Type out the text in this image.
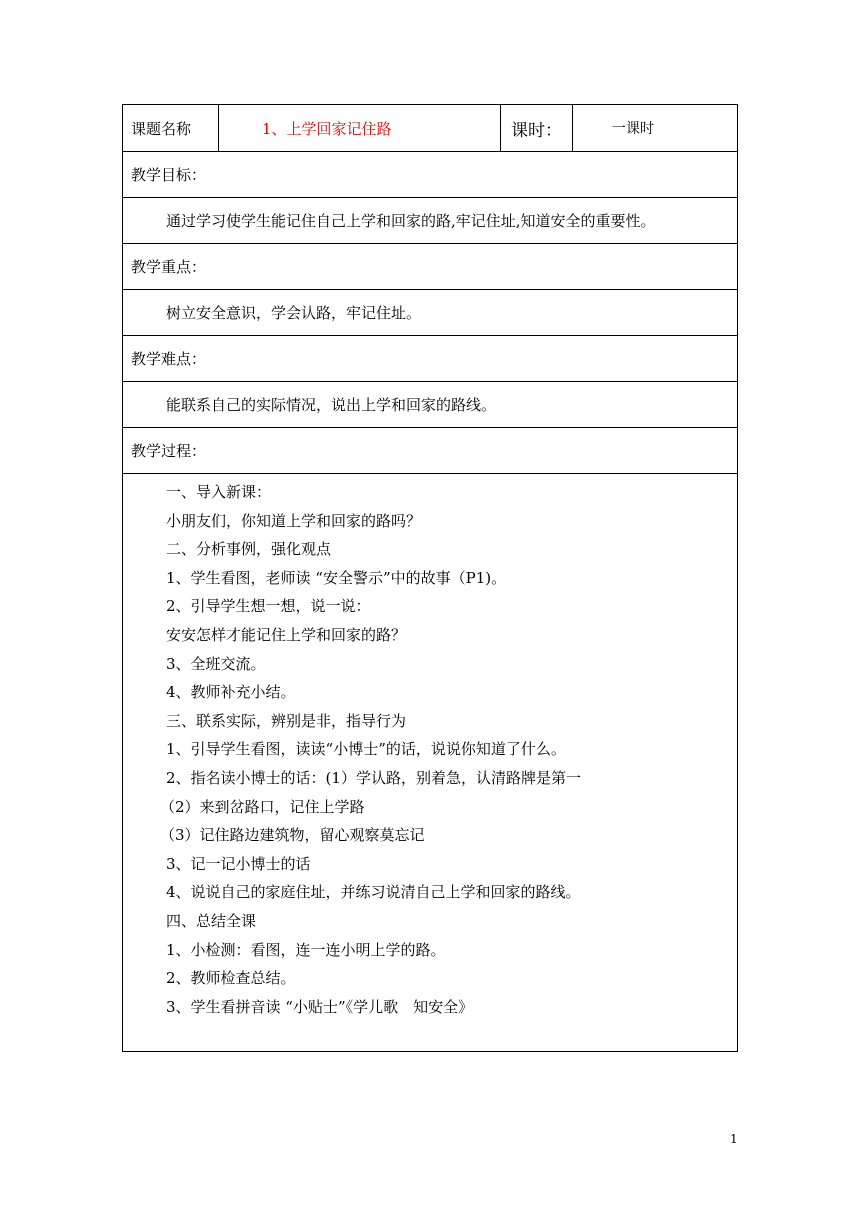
课题名称	1、上学回家记住路	课时：	一课时
教学目标：
通过学习使学生能记住自己上学和回家的路,牢记住址,知道安全的重要性。
教学重点：
树立安全意识，学会认路，牢记住址。
教学难点：
能联系自己的实际情况，说出上学和回家的路线。
教学过程：
一、导入新课：
小朋友们，你知道上学和回家的路吗？
二、分析事例，强化观点
1、学生看图，老师读 “安全警示”中的故事（P1)。
2、引导学生想一想，说一说：
安安怎样才能记住上学和回家的路？
3、全班交流。
4、教师补充小结。
三、联系实际，辨别是非，指导行为
1、引导学生看图，读读“小博士”的话，说说你知道了什么。
2、指名读小博士的话：(1）学认路，别着急，认清路牌是第一
（2）来到岔路口，记住上学路
（3）记住路边建筑物，留心观察莫忘记
3、记一记小博士的话
4、说说自己的家庭住址，并练习说清自己上学和回家的路线。
四、总结全课
1、小检测：看图，连一连小明上学的路。
2、教师检查总结。
3、学生看拼音读 “小贴士”《学儿歌　知安全》
1
